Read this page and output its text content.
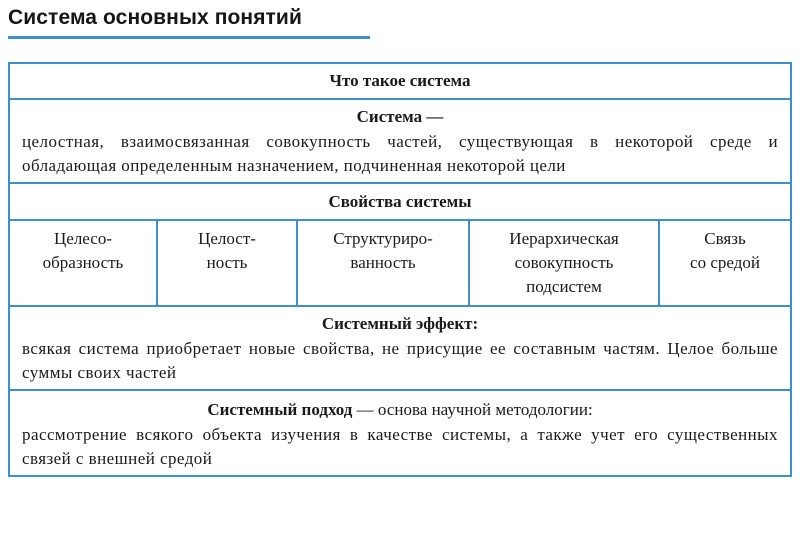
Система основных понятий
Что такое система
Система —
целостная, взаимосвязанная совокупность частей, существующая в некоторой среде и обладающая определенным назначением, подчиненная некоторой цели
Свойства системы
Целесо-
образность
Целост-
ность
Структуриро-
ванность
Иерархическая
совокупность
подсистем
Связь
со средой
Системный эффект:
всякая система приобретает новые свойства, не присущие ее составным частям. Целое больше суммы своих частей
Системный подход — основа научной методологии:
рассмотрение всякого объекта изучения в качестве системы, а также учет его существенных связей с внешней средой
